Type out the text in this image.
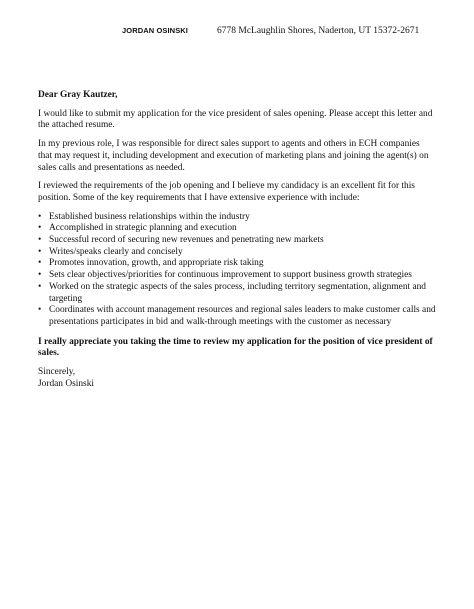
JORDAN OSINSKI	6778 McLaughlin Shores, Naderton, UT 15372-2671

Dear Gray Kautzer,

I would like to submit my application for the vice president of sales opening. Please accept this letter and the attached resume.

In my previous role, I was responsible for direct sales support to agents and others in ECH companies that may request it, including development and execution of marketing plans and joining the agent(s) on sales calls and presentations as needed.

I reviewed the requirements of the job opening and I believe my candidacy is an excellent fit for this position. Some of the key requirements that I have extensive experience with include:

• Established business relationships within the industry
• Accomplished in strategic planning and execution
• Successful record of securing new revenues and penetrating new markets
• Writes/speaks clearly and concisely
• Promotes innovation, growth, and appropriate risk taking
• Sets clear objectives/priorities for continuous improvement to support business growth strategies
• Worked on the strategic aspects of the sales process, including territory segmentation, alignment and targeting
• Coordinates with account management resources and regional sales leaders to make customer calls and presentations participates in bid and walk-through meetings with the customer as necessary

I really appreciate you taking the time to review my application for the position of vice president of sales.

Sincerely,

Jordan Osinski
